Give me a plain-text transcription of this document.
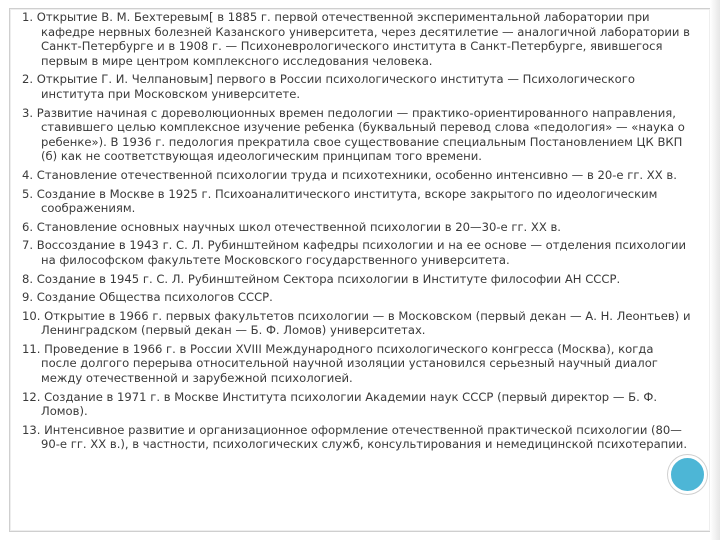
1. Открытие В. М. Бехтеревым[ в 1885 г. первой отечественной экспериментальной лаборатории при кафедре нервных болезней Казанского университета, через десятилетие — аналогичной лаборатории в Санкт-Петербурге и в 1908 г. — Психоневрологического института в Санкт-Петербурге, явившегося первым в мире центром комплексного исследования человека.
2. Открытие Г. И. Челпановым] первого в России психологического института — Психологического института при Московском университете.
3. Развитие начиная с дореволюционных времен педологии — практико-ориентированного направления, ставившего целью комплексное изучение ребенка (буквальный перевод слова «педология» — «наука о ребенке»). В 1936 г. педология прекратила свое существование специальным Постановлением ЦК ВКП (б) как не соответствующая идеологическим принципам того времени.
4. Становление отечественной психологии труда и психотехники, особенно интенсивно — в 20-е гг. XX в.
5. Создание в Москве в 1925 г. Психоаналитического института, вскоре закрытого по идеологическим соображениям.
6. Становление основных научных школ отечественной психологии в 20—30-е гг. XX в.
7. Воссоздание в 1943 г. С. Л. Рубинштейном кафедры психологии и на ее основе — отделения психологии на философском факультете Московского государственного университета.
8. Создание в 1945 г. С. Л. Рубинштейном Сектора психологии в Институте философии АН СССР.
9. Создание Общества психологов СССР.
10. Открытие в 1966 г. первых факультетов психологии — в Московском (первый декан — А. Н. Леонтьев) и Ленинградском (первый декан — Б. Ф. Ломов) университетах.
11. Проведение в 1966 г. в России XVIII Международного психологического конгресса (Москва), когда после долгого перерыва относительной научной изоляции установился серьезный научный диалог между отечественной и зарубежной психологией.
12. Создание в 1971 г. в Москве Института психологии Академии наук СССР (первый директор — Б. Ф. Ломов).
13. Интенсивное развитие и организационное оформление отечественной практической психологии (80—90-е гг. XX в.), в частности, психологических служб, консультирования и немедицинской психотерапии.
